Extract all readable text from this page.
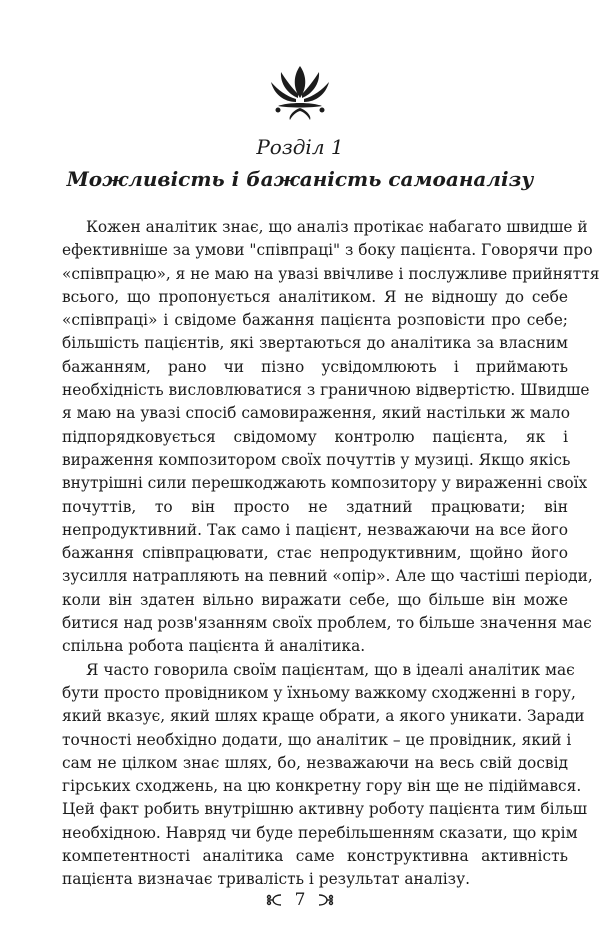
Розділ 1
Можливість і бажаність самоаналізу
Кожен аналітик знає, що аналіз протікає набагато швидше й
ефективніше за умови "співпраці" з боку пацієнта. Говорячи про
«співпрацю», я не маю на увазі ввічливе і послужливе прийняття
всього, що пропонується аналітиком. Я не відношу до себе
«співпраці» і свідоме бажання пацієнта розповісти про себе;
більшість пацієнтів, які звертаються до аналітика за власним
бажанням, рано чи пізно усвідомлюють і приймають
необхідність висловлюватися з граничною відвертістю. Швидше
я маю на увазі спосіб самовираження, який настільки ж мало
підпорядковується свідомому контролю пацієнта, як і
вираження композитором своїх почуттів у музиці. Якщо якісь
внутрішні сили перешкоджають композитору у вираженні своїх
почуттів, то він просто не здатний працювати; він
непродуктивний. Так само і пацієнт, незважаючи на все його
бажання співпрацювати, стає непродуктивним, щойно його
зусилля натрапляють на певний «опір». Але що частіші періоди,
коли він здатен вільно виражати себе, що більше він може
битися над розв'язанням своїх проблем, то більше значення має
спільна робота пацієнта й аналітика.
Я часто говорила своїм пацієнтам, що в ідеалі аналітик має
бути просто провідником у їхньому важкому сходженні в гору,
який вказує, який шлях краще обрати, а якого уникати. Заради
точності необхідно додати, що аналітик – це провідник, який і
сам не цілком знає шлях, бо, незважаючи на весь свій досвід
гірських сходжень, на цю конкретну гору він ще не підіймався.
Цей факт робить внутрішню активну роботу пацієнта тим більш
необхідною. Навряд чи буде перебільшенням сказати, що крім
компетентності аналітика саме конструктивна активність
пацієнта визначає тривалість і результат аналізу.
7
